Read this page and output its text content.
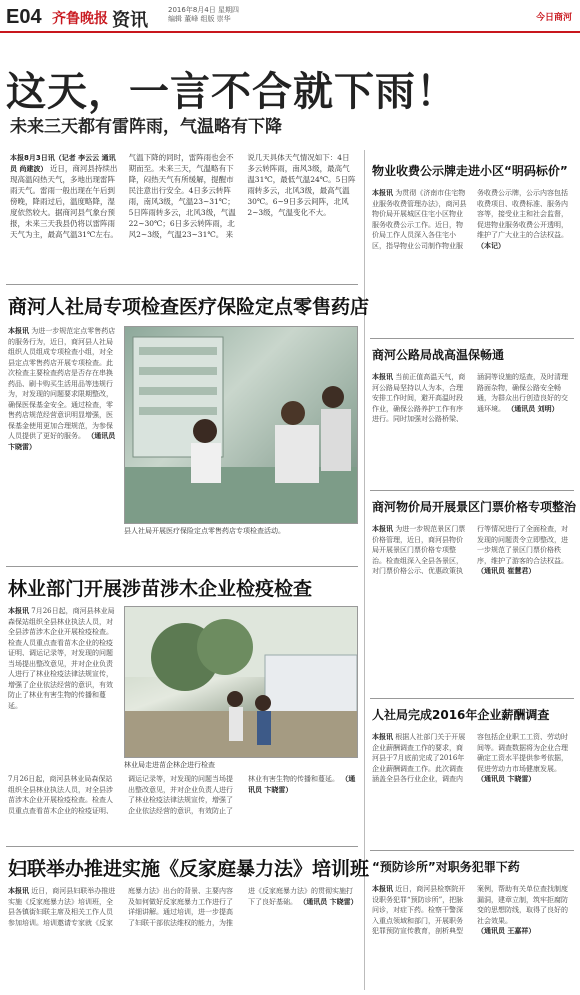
E04 齐鲁晚报 资讯	2016年8月4日 星期四
编辑 董峰 组版 崇华	今日商河
这天，一言不合就下雨！
未来三天都有雷阵雨，气温略有下降
本报8月3日讯（记者 李云云 通讯员 尚建波） 近日，商河县持续出现高温闷热天气，多地出现雷阵雨天气。雷雨一般出现在午后到傍晚，降雨过后，温度略降，湿度依然较大。据商河县气象台预报，未来三天我县仍将以雷阵雨天气为主，最高气温31℃左右。气温下降的同时，雷阵雨也会不期而至。未来三天，气温略有下降，闷热天气有所缓解，提醒市民注意出行安全。4日多云转阵雨，南风3级，气温23~31℃；5日阵雨转多云，北风3级，气温22~30℃；6日多云转阵雨，北风2~3级，气温23~31℃。 来说几天具体天气情况如下：4日多云转阵雨，南风3级，最高气温31℃，最低气温24℃。5日阵雨转多云，北风3级，最高气温30℃。6~9日多云间阵，北风2~3级，气温变化不大。
商河人社局专项检查医疗保险定点零售药店
本报讯 为进一步规范定点零售药店的服务行为，近日，商河县人社局组织人员组成专项检查小组，对全县定点零售药店开展专项检查。此次检查主要检查药店是否存在串换药品、刷卡购买生活用品等违规行为，对发现的问题要求限期整改，确保医保基金安全。通过检查，零售药店规范经营意识明显增强，医保基金使用更加合理规范，为参保人员提供了更好的服务。 （通讯员 卞晓雷）
县人社局开展医疗保险定点零售药店专项检查活动。
林业部门开展涉苗涉木企业检疫检查
本报讯 7月26日起，商河县林业局森保站组织全县林业执法人员，对全县涉苗涉木企业开展检疫检查。检查人员重点查看苗木企业的检疫证明、调运记录等，对发现的问题当场提出整改意见，并对企业负责人进行了林业检疫法律法规宣传，增强了企业依法经营的意识，有效防止了林业有害生物的传播和蔓延。
林业局走进苗企林企进行检查
7月26日起，商河县林业局森保站组织全县林业执法人员，对全县涉苗涉木企业开展检疫检查。检查人员重点查看苗木企业的检疫证明、调运记录等，对发现的问题当场提出整改意见，并对企业负责人进行了林业检疫法律法规宣传，增强了企业依法经营的意识，有效防止了林业有害生物的传播和蔓延。 （通讯员 卞晓雷）
妇联举办推进实施《反家庭暴力法》培训班
本报讯 近日，商河县妇联举办推进实施《反家庭暴力法》培训班，全县各镇街妇联主席及相关工作人员参加培训。培训邀请专家就《反家庭暴力法》出台的背景、主要内容及如何做好反家庭暴力工作进行了详细讲解。通过培训，进一步提高了妇联干部依法维权的能力，为推进《反家庭暴力法》的贯彻实施打下了良好基础。 （通讯员 卞晓雷）
物业收费公示牌走进小区“明码标价”
本报讯 为贯彻《济南市住宅物业服务收费管理办法》，商河县物价局开展城区住宅小区物业服务收费公示工作。近日，物价局工作人员深入各住宅小区，指导物业公司制作物业服务收费公示牌，公示内容包括收费项目、收费标准、服务内容等，接受业主和社会监督，促进物业服务收费公开透明，维护了广大业主的合法权益。 （本记）
商河公路局战高温保畅通
本报讯 当前正值高温天气，商河公路局坚持以人为本，合理安排工作时间，避开高温时段作业，确保公路养护工作有序进行。同时加强对公路桥梁、涵洞等设施的巡查，及时清理路面杂物，确保公路安全畅通，为群众出行创造良好的交通环境。 （通讯员 刘明）
商河物价局开展景区门票价格专项整治
本报讯 为进一步规范景区门票价格管理，近日，商河县物价局开展景区门票价格专项整治。检查组深入全县各景区，对门票价格公示、优惠政策执行等情况进行了全面检查，对发现的问题责令立即整改，进一步规范了景区门票价格秩序，维护了游客的合法权益。 （通讯员 崔慧君）
人社局完成2016年企业薪酬调查
本报讯 根据人社部门关于开展企业薪酬调查工作的要求，商河县于7月底前完成了2016年企业薪酬调查工作。此次调查涵盖全县各行业企业，调查内容包括企业职工工资、劳动时间等。调查数据将为企业合理确定工资水平提供参考依据，促进劳动力市场健康发展。 （通讯员 卞晓雷）
“预防诊所”对职务犯罪下药
本报讯 近日，商河县检察院开设职务犯罪“预防诊所”，把脉问诊，对症下药。检察干警深入重点领域和部门，开展职务犯罪预防宣传教育，剖析典型案例，帮助有关单位查找制度漏洞，建章立制，筑牢拒腐防变的思想防线，取得了良好的社会效果。 （通讯员 王嘉祥）
